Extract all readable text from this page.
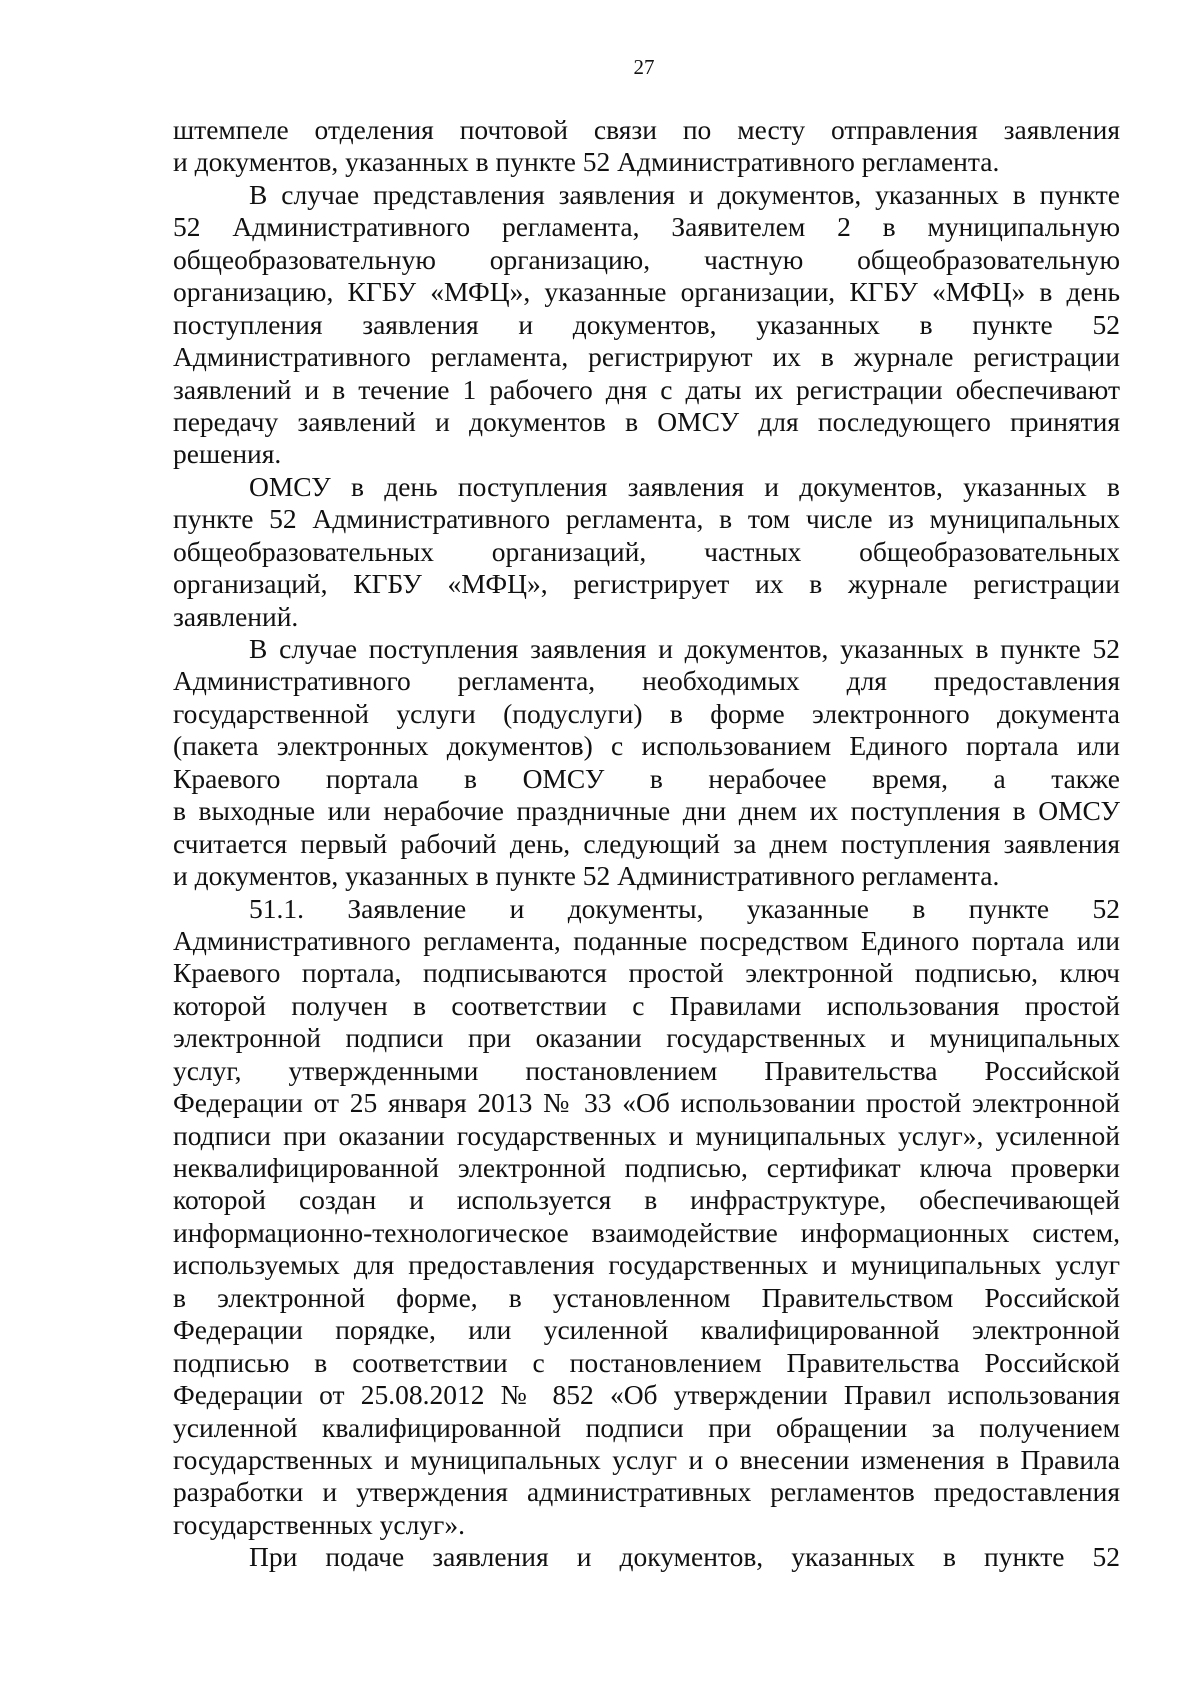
27
штемпеле отделения почтовой связи по месту отправления заявления
и документов, указанных в пункте 52 Административного регламента.
В случае представления заявления и документов, указанных в пункте
52 Административного регламента, Заявителем 2 в муниципальную
общеобразовательную организацию, частную общеобразовательную
организацию, КГБУ «МФЦ», указанные организации, КГБУ «МФЦ» в день
поступления заявления и документов, указанных в пункте 52
Административного регламента, регистрируют их в журнале регистрации
заявлений и в течение 1 рабочего дня с даты их регистрации обеспечивают
передачу заявлений и документов в ОМСУ для последующего принятия
решения.
ОМСУ в день поступления заявления и документов, указанных в
пункте 52 Административного регламента, в том числе из муниципальных
общеобразовательных организаций, частных общеобразовательных
организаций, КГБУ «МФЦ», регистрирует их в журнале регистрации
заявлений.
В случае поступления заявления и документов, указанных в пункте 52
Административного регламента, необходимых для предоставления
государственной услуги (подуслуги) в форме электронного документа
(пакета электронных документов) с использованием Единого портала или
Краевого портала в ОМСУ в нерабочее время, а также
в выходные или нерабочие праздничные дни днем их поступления в ОМСУ
считается первый рабочий день, следующий за днем поступления заявления
и документов, указанных в пункте 52 Административного регламента.
51.1. Заявление и документы, указанные в пункте 52
Административного регламента, поданные посредством Единого портала или
Краевого портала, подписываются простой электронной подписью, ключ
которой получен в соответствии с Правилами использования простой
электронной подписи при оказании государственных и муниципальных
услуг, утвержденными постановлением Правительства Российской
Федерации от 25 января 2013 № 33 «Об использовании простой электронной
подписи при оказании государственных и муниципальных услуг», усиленной
неквалифицированной электронной подписью, сертификат ключа проверки
которой создан и используется в инфраструктуре, обеспечивающей
информационно-технологическое взаимодействие информационных систем,
используемых для предоставления государственных и муниципальных услуг
в электронной форме, в установленном Правительством Российской
Федерации порядке, или усиленной квалифицированной электронной
подписью в соответствии с постановлением Правительства Российской
Федерации от 25.08.2012 № 852 «Об утверждении Правил использования
усиленной квалифицированной подписи при обращении за получением
государственных и муниципальных услуг и о внесении изменения в Правила
разработки и утверждения административных регламентов предоставления
государственных услуг».
При подаче заявления и документов, указанных в пункте 52
